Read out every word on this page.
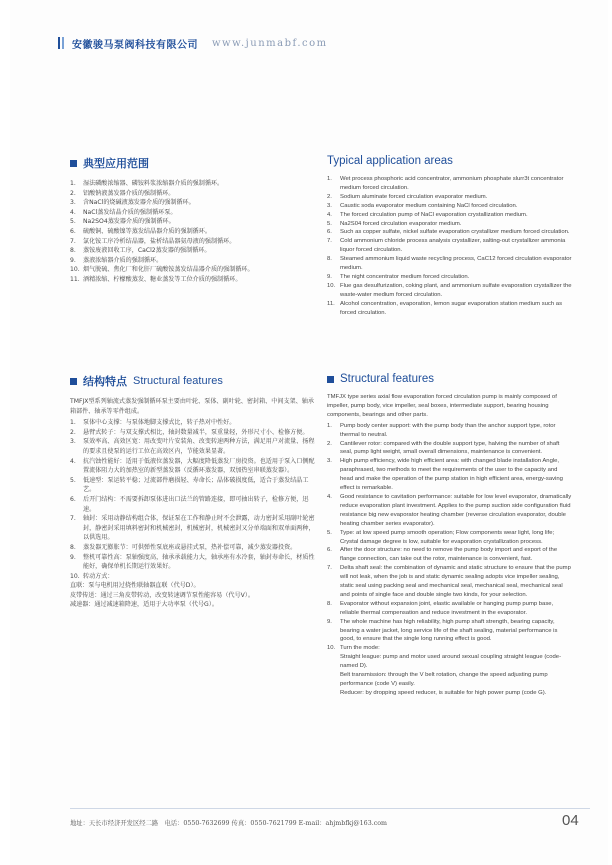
安徽骏马泵阀科技有限公司 www.junmabf.com
典型应用范围
1.	湿法磷酸浓缩器、磷铵料浆浓缩器介质的强制循环。
2.	铝酸钠液蒸发器介质的强制循环。
3.	含NaCl的烧碱液蒸发器介质的强制循环。
4.	NaCl蒸发结晶介质的强制循环泵。
5.	Na2SO4蒸发器介质的强制循环。
6.	硫酸铜、硫酸镍等蒸发结晶器介质的强制循环。
7.	氯化铵工序冷析结晶器，盐析结晶器氨母液的强制循环。
8.	蒸铵废液回收工序，CaCl2蒸发器的强制循环。
9.	蒸液浓缩器介质的强制循环。
10. 烟气脱硫、焦化厂和化肝厂硫酸铵蒸发结晶器介质的强制循环。
11. 酒精浓缩、柠檬酸蒸发、糖业蒸发等工位介质的强制循环。
结构特点 Structural features
TMFJX型系列轴流式蒸发强制循环泵主要由叶轮、泵体、副叶轮、密封箱、中间支架、轴承箱部件、轴承等零件组成。
1.	泵体中心支撑：与泵体地脚支撑式比，转子热对中性好。
2.	悬臂式转子：与双支撑式相比，轴封数量减半，泵重量轻，外形尺寸小、检修方便。
3.	泵效率高、高效区宽：用改变叶片安装角、改变转速两种方法，满足用户对流量、扬程的要求且使泵的运行工位在高效区内，节能效果显著。
4.	抗汽蚀性能好：适用于低液位蒸发器，大幅度降低蒸发厂房投资。也适用于泵入口侧配置流体阻力大的加热室的新型蒸发器（反循环蒸发器，双加热室串联蒸发器）。
5.	低速型：泵运转平稳；过流部件磨损轻、寿命长；晶体破损度低，适合于蒸发结晶工艺。
6.	后开门结构：不需要拆卸泵体进出口法兰的管路连接，即可抽出转子，检修方便，迅速。
7.	轴封：采用动静结构组合体，保证泵在工作和静止时不会泄露，动力密封采用副叶轮密封，静密封采用填料密封和机械密封，机械密封，机械密封又分单端面和双单面两种，以供选用。
8.	蒸发器无膨胀节：可供弹性泵底座或悬挂式泵，热补偿可靠，减少蒸发器投资。
9.	整机可靠性高：泵轴强度高，轴承承载能力大，轴承座有水冷套，轴封寿命长，材质性能好，确保单机长期运行效果好。
10. 转动方式：
直联：泵与电机用过挠性联轴器直联（代号D）。
皮带传送：通过三角皮带转动，改变转速调节泵性能容易（代号V）。
减速器：通过减速箱降速，适用于大功率泵（代号G）。
Typical application areas
1.	Wet process phosphoric acid concentrator, ammonium phosphate slurr3t concentrator medium forced circulation.
2.	Sodium aluminate forced circulation evaporator medium.
3.	Caustic soda evaporator medium containing NaCl forced circulation.
4.	The forced circulation pump of NaCl evaporation crystallization medium.
5.	Na2S04 forced circulation evaporator medium.
6.	Such as copper sulfate, nickel sulfate evaporation crystallizer medium forced circulation.
7.	Cold ammonium chloride process analysis crystallizer, salting-out crystallizer ammonia liquor forced circulation.
8.	Steamed ammonium liquid waste recycling process, CaC12 forced circulation evaporator medium.
9.	The night concentrator medium forced circulation.
10. Flue gas desulfurization, coking plant, and ammonium sulfate evaporation crystallizer the waste-water medium forced circulation.
11. Alcohol concentration, evaporation, lemon sugar evaporation station medium such as forced circulation.
Structural features
TMFJX type series axial flow evaporation forced circulation pump is mainly composed of impeller, pump body, vice impeller, seal boxes, intermediate support, bearing housing components, bearings and other parts.
1.	Pump body center support: with the pump body than the anchor support type, rotor thermal to neutral.
2.	Cantilever rotor: compared with the double support type, halving the number of shaft seal, pump light weight, small overall dimensions, maintenance is convenient.
3.	High pump efficiency, wide high efficient area: with changed blade installation Angle, paraphrased, two methods to meet the requirements of the user to the capacity and head and make the operation of the pump station in high efficient area, energy-saving effect is remarkable.
4.	Good resistance to cavitation performance: suitable for low level evaporator, dramatically reduce evaporation plant investment. Applies to the pump suction side configuration fluid resistance big new evaporator heating chamber (reverse circulation evaporator, double heating chamber series evaporator).
5.	Type: at low speed pump smooth operation; Flow components wear light, long life; Crystal damage degree is low, suitable for evaporation crystallization process.
6.	After the door structure: no need to remove the pump body import and export of the flange connection, can take out the rotor, maintenance is convenient, fast.
7.	Delta shaft seal: the combination of dynamic and static structure to ensure that the pump will not leak, when the job is and static dynamic sealing adopts vice impeller sealing, static seal using packing seal and mechanical seal, mechanical seal, mechanical seal and points of single face and double single two kinds, for your selection.
8.	Evaporator without expansion joint, elastic available or hanging pump pump base, reliable thermal compensation and reduce investment in the evaporator.
9.	The whole machine has high reliability, high pump shaft strength, bearing capacity, bearing a water jacket, long service life of the shaft sealing, material performance is good, to ensure that the single long running effect is good.
10. Turn the mode:
Straight league: pump and motor used around sexual coupling straight league (code-named D).
Belt transmission: through the V belt rotation, change the speed adjusting pump performance (code V) easily.
Reducer: by dropping speed reducer, is suitable for high power pump (code G).
地址：天长市经济开发区经二路　电话：0550-7632699 传真：0550-7621799 E-mail：ahjmbfkj@163.com	04
